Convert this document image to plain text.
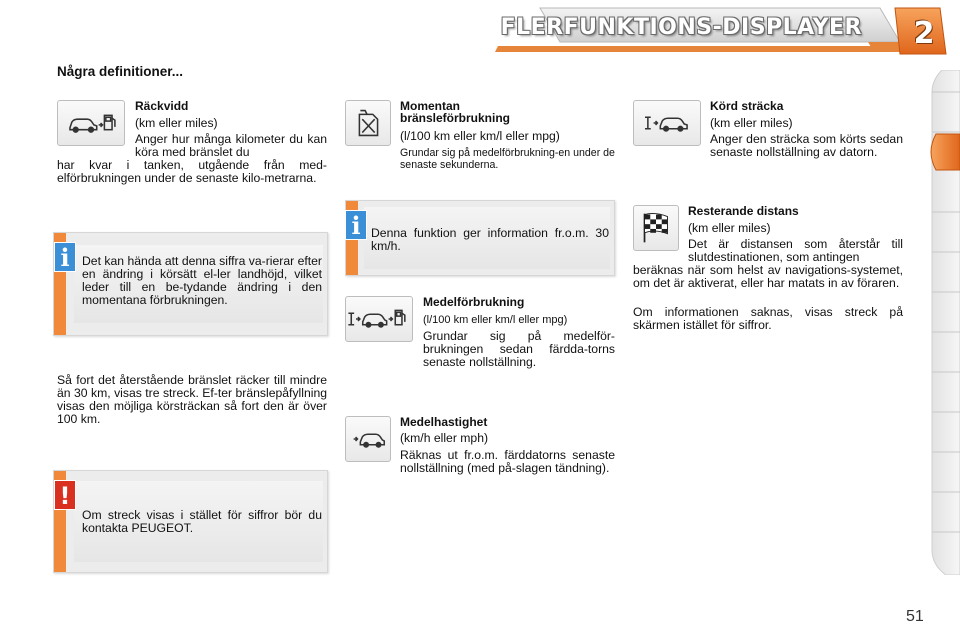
FLERFUNKTIONS-DISPLAYER	2
Några definitioner...
Räckvidd
(km eller miles)
Anger hur många kilometer du kan köra med bränslet du
har kvar i tanken, utgående från med-elförbrukningen under de senaste kilo-metrarna.
Det kan hända att denna siffra va-rierar efter en ändring i körsätt el-ler landhöjd, vilket leder till en be-tydande ändring i den momentana förbrukningen.
i
Så fort det återstående bränslet räcker till mindre än 30 km, visas tre streck. Ef-ter bränslepåfyllning visas den möjliga körsträckan så fort den är över 100 km.
Om streck visas i stället för siffror bör du kontakta PEUGEOT.
!
Momentan
bränsleförbrukning
(l/100 km eller km/l eller mpg)
Grundar sig på medelförbrukning-en under de senaste sekunderna.
Denna funktion ger information fr.o.m. 30 km/h.
i
Medelförbrukning
(l/100 km eller km/l eller mpg)
Grundar sig på medelför-brukningen sedan färdda-torns senaste nollställning.
Medelhastighet
(km/h eller mph)
Räknas ut fr.o.m. färddatorns senaste nollställning (med på-slagen tändning).
Körd sträcka
(km eller miles)
Anger den sträcka som körts sedan senaste nollställning av datorn.
Resterande distans
(km eller miles)
Det är distansen som återstår till slutdestinationen, som antingen
beräknas när som helst av navigations-systemet, om det är aktiverat, eller har matats in av föraren.
Om informationen saknas, visas streck på skärmen istället för siffror.
51
